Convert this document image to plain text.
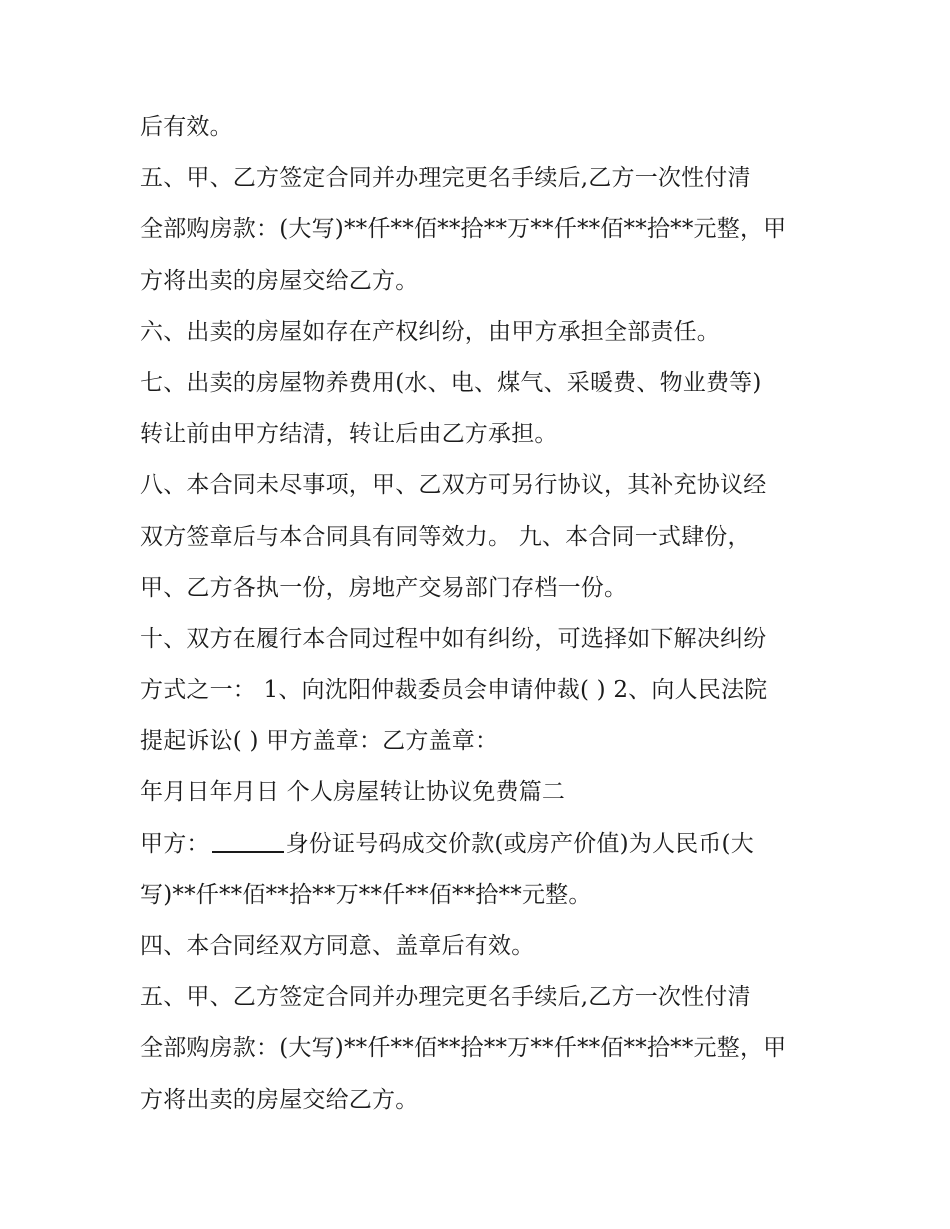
后有效。
五、甲、乙方签定合同并办理完更名手续后,乙方一次性付清
全部购房款：(大写)**仟**佰**拾**万**仟**佰**拾**元整，甲
方将出卖的房屋交给乙方。
六、出卖的房屋如存在产权纠纷，由甲方承担全部责任。
七、出卖的房屋物养费用(水、电、煤气、采暖费、物业费等)
转让前由甲方结清，转让后由乙方承担。
八、本合同未尽事项，甲、乙双方可另行协议，其补充协议经
双方签章后与本合同具有同等效力。 九、本合同一式肆份，
甲、乙方各执一份，房地产交易部门存档一份。
十、双方在履行本合同过程中如有纠纷，可选择如下解决纠纷
方式之一： 1、向沈阳仲裁委员会申请仲裁( ) 2、向人民法院
提起诉讼( ) 甲方盖章：乙方盖章：
年月日年月日 个人房屋转让协议免费篇二
甲方：	身份证号码成交价款(或房产价值)为人民币(大
写)**仟**佰**拾**万**仟**佰**拾**元整。
四、本合同经双方同意、盖章后有效。
五、甲、乙方签定合同并办理完更名手续后,乙方一次性付清
全部购房款：(大写)**仟**佰**拾**万**仟**佰**拾**元整，甲
方将出卖的房屋交给乙方。
